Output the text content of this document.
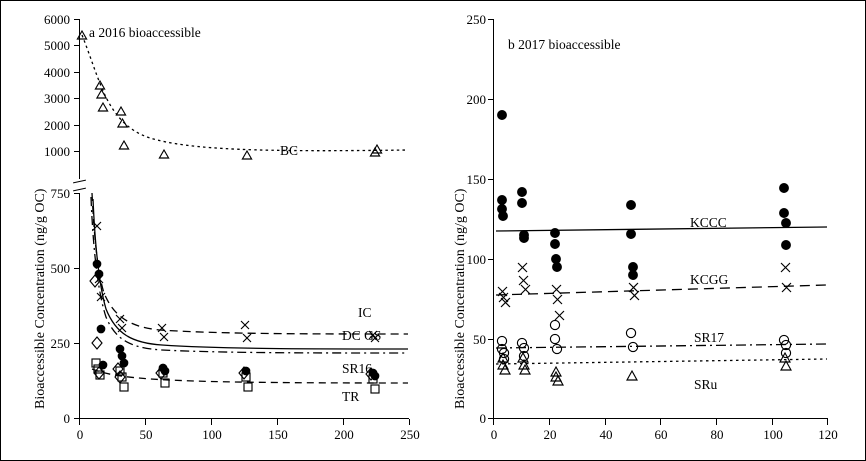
Bioaccessible Concentration (ng/g OC)
BC
6000
5000
4000
3000
2000
1000
a 2016 bioaccessible
IC
DC GS
SR16
TR
750
500
250
0
0	50	100	150	200	250
Bioaccessible Concentration (ng/g OC)
b 2017 bioaccessible
KCCC
KCGG
SR17
SRu
250
200
150
100
50
0
0	20	40	60	80	100	120
